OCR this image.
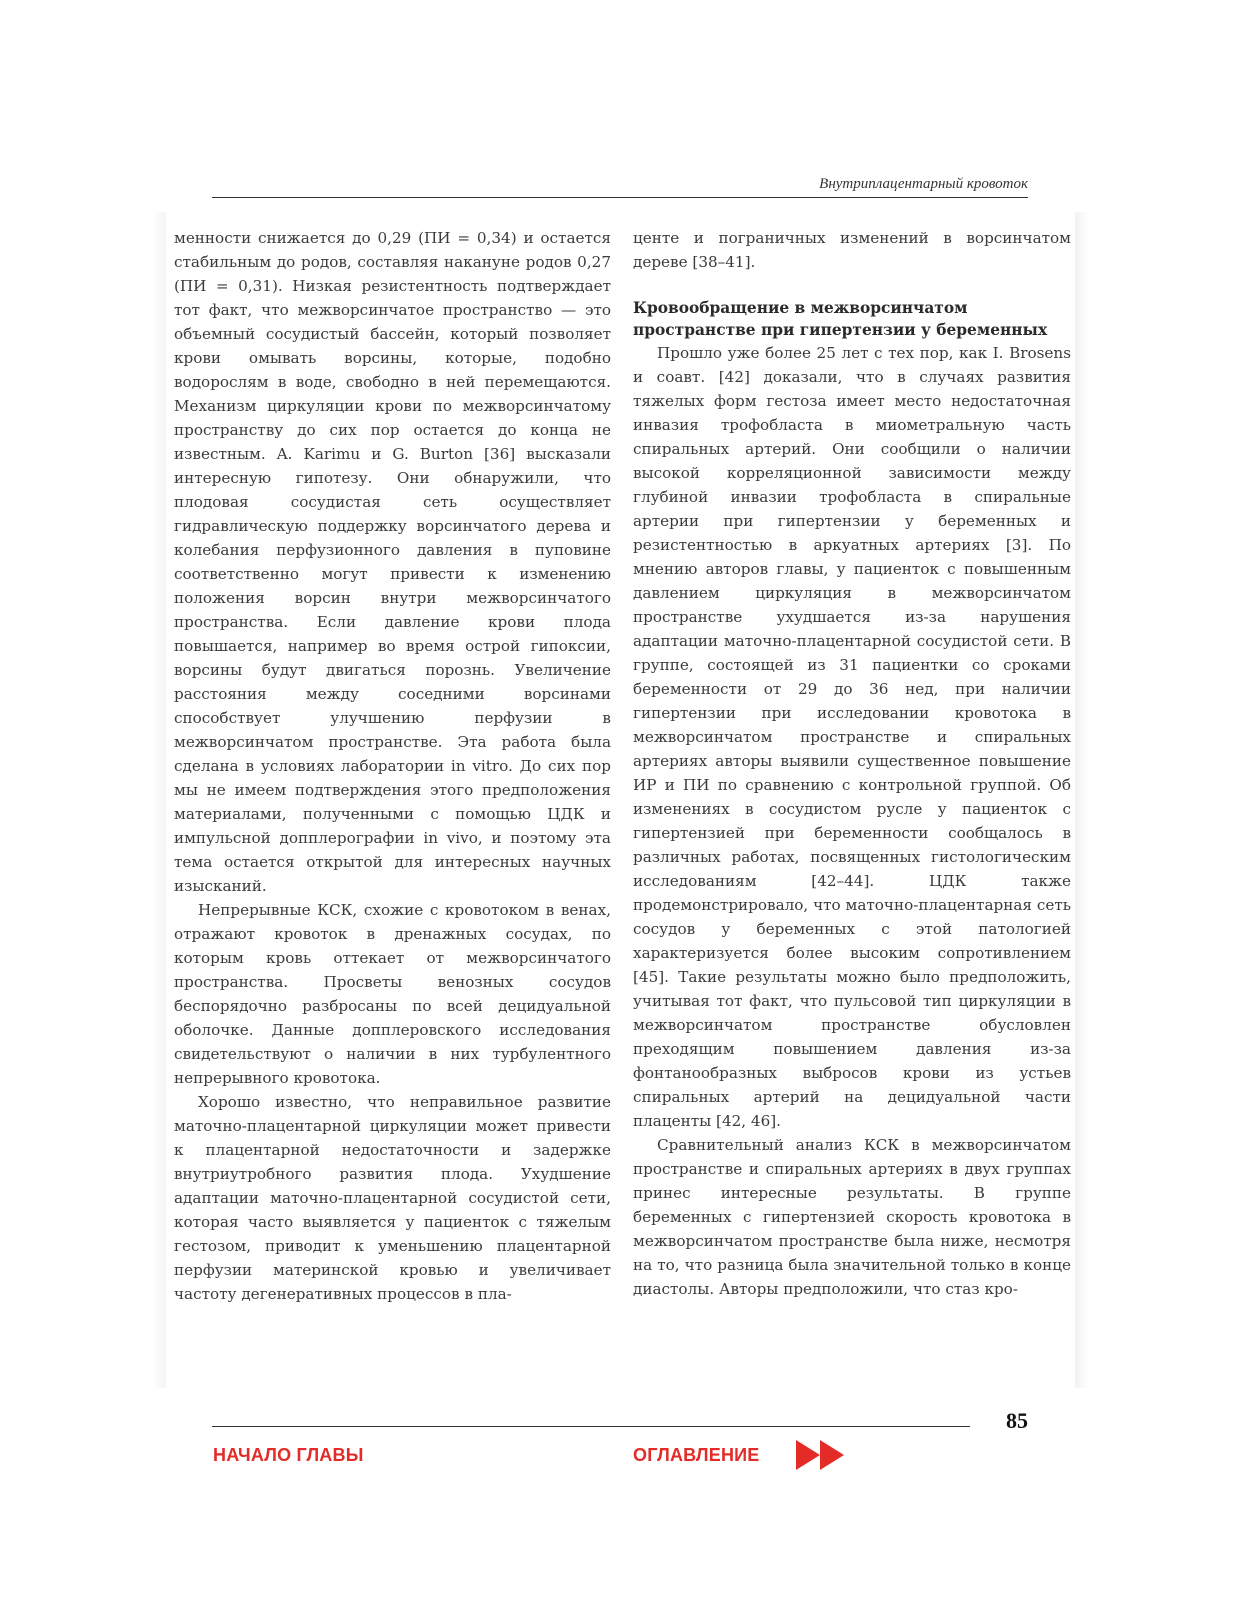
Внутриплацентарный кровоток

менности снижается до 0,29 (ПИ = 0,34) и остается стабильным до родов, составляя накануне родов 0,27 (ПИ = 0,31). Низкая резистентность подтверждает тот факт, что межворсинчатое пространство — это объемный сосудистый бассейн, который позволяет крови омывать ворсины, которые, подобно водорослям в воде, свободно в ней перемещаются. Механизм циркуляции крови по межворсинчатому пространству до сих пор остается до конца не известным. A. Karimu и G. Burton [36] высказали интересную гипотезу. Они обнаружили, что плодовая сосудистая сеть осуществляет гидравлическую поддержку ворсинчатого дерева и колебания перфузионного давления в пуповине соответственно могут привести к изменению положения ворсин внутри межворсинчатого пространства. Если давление крови плода повышается, например во время острой гипоксии, ворсины будут двигаться порознь. Увеличение расстояния между соседними ворсинами способствует улучшению перфузии в межворсинчатом пространстве. Эта работа была сделана в условиях лаборатории in vitro. До сих пор мы не имеем подтверждения этого предположения материалами, полученными с помощью ЦДК и импульсной допплерографии in vivo, и поэтому эта тема остается открытой для интересных научных изысканий.

Непрерывные КСК, схожие с кровотоком в венах, отражают кровоток в дренажных сосудах, по которым кровь оттекает от межворсинчатого пространства. Просветы венозных сосудов беспорядочно разбросаны по всей децидуальной оболочке. Данные допплеровского исследования свидетельствуют о наличии в них турбулентного непрерывного кровотока.

Хорошо известно, что неправильное развитие маточно-плацентарной циркуляции может привести к плацентарной недостаточности и задержке внутриутробного развития плода. Ухудшение адаптации маточно-плацентарной сосудистой сети, которая часто выявляется у пациенток с тяжелым гестозом, приводит к уменьшению плацентарной перфузии материнской кровью и увеличивает частоту дегенеративных процессов в пла-

центе и пограничных изменений в ворсинчатом дереве [38–41].

Кровообращение в межворсинчатом пространстве при гипертензии у беременных

Прошло уже более 25 лет с тех пор, как I. Brosens и соавт. [42] доказали, что в случаях развития тяжелых форм гестоза имеет место недостаточная инвазия трофобласта в миометральную часть спиральных артерий. Они сообщили о наличии высокой корреляционной зависимости между глубиной инвазии трофобласта в спиральные артерии при гипертензии у беременных и резистентностью в аркуатных артериях [3]. По мнению авторов главы, у пациенток с повышенным давлением циркуляция в межворсинчатом пространстве ухудшается из-за нарушения адаптации маточно-плацентарной сосудистой сети. В группе, состоящей из 31 пациентки со сроками беременности от 29 до 36 нед, при наличии гипертензии при исследовании кровотока в межворсинчатом пространстве и спиральных артериях авторы выявили существенное повышение ИР и ПИ по сравнению с контрольной группой. Об изменениях в сосудистом русле у пациенток с гипертензией при беременности сообщалось в различных работах, посвященных гистологическим исследованиям [42–44]. ЦДК также продемонстрировало, что маточно-плацентарная сеть сосудов у беременных с этой патологией характеризуется более высоким сопротивлением [45]. Такие результаты можно было предположить, учитывая тот факт, что пульсовой тип циркуляции в межворсинчатом пространстве обусловлен преходящим повышением давления из-за фонтанообразных выбросов крови из устьев спиральных артерий на децидуальной части плаценты [42, 46].

Сравнительный анализ КСК в межворсинчатом пространстве и спиральных артериях в двух группах принес интересные результаты. В группе беременных с гипертензией скорость кровотока в межворсинчатом пространстве была ниже, несмотря на то, что разница была значительной только в конце диастолы. Авторы предположили, что стаз кро-

85
НАЧАЛО ГЛАВЫ	ОГЛАВЛЕНИЕ
